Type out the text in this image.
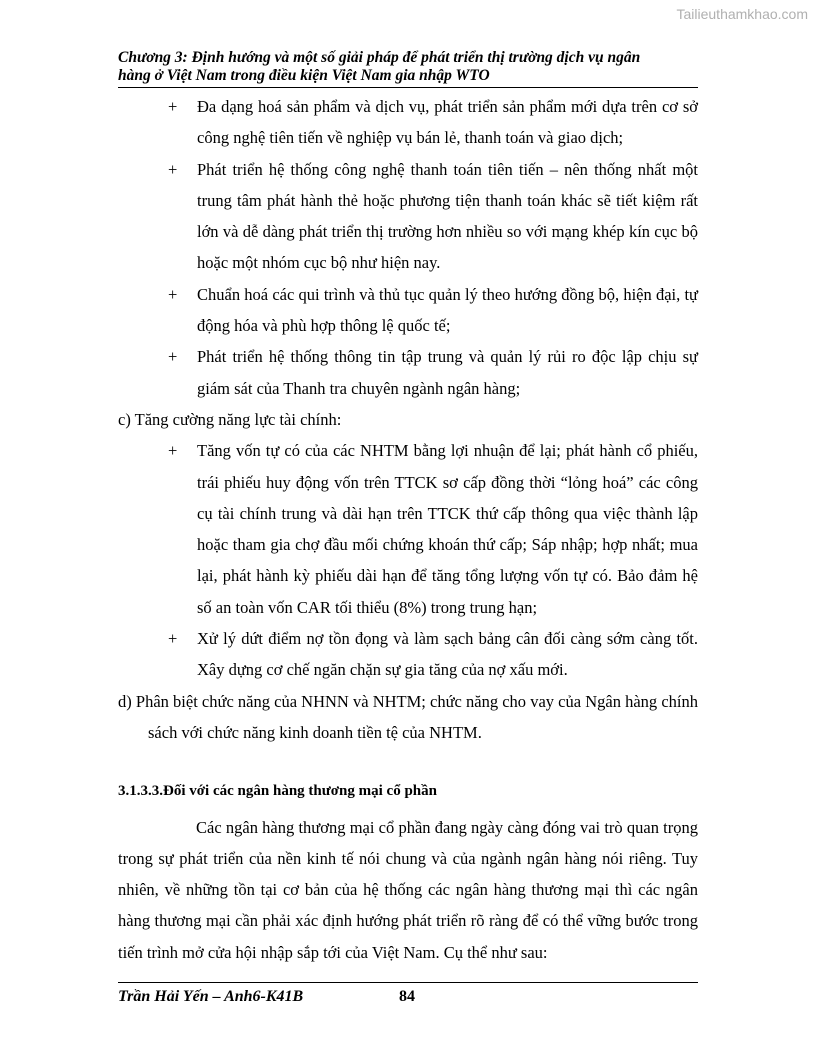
Tailieuthamkhao.com
Chương 3: Định hướng và một số giải pháp để phát triển thị trường dịch vụ ngân
hàng ở Việt Nam trong điều kiện Việt Nam gia nhập WTO
+ Đa dạng hoá sản phẩm và dịch vụ, phát triển sản phẩm mới dựa trên cơ sở công nghệ tiên tiến về nghiệp vụ bán lẻ, thanh toán và giao dịch;
+ Phát triển hệ thống công nghệ thanh toán tiên tiến – nên thống nhất một trung tâm phát hành thẻ hoặc phương tiện thanh toán khác sẽ tiết kiệm rất lớn và dễ dàng phát triển thị trường hơn nhiều so với mạng khép kín cục bộ hoặc một nhóm cục bộ như hiện nay.
+ Chuẩn hoá các qui trình và thủ tục quản lý theo hướng đồng bộ, hiện đại, tự động hóa và phù hợp thông lệ quốc tế;
+ Phát triển hệ thống thông tin tập trung và quản lý rủi ro độc lập chịu sự giám sát của Thanh tra chuyên ngành ngân hàng;
c) Tăng cường năng lực tài chính:
+ Tăng vốn tự có của các NHTM bằng lợi nhuận để lại; phát hành cổ phiếu, trái phiếu huy động vốn trên TTCK sơ cấp đồng thời “lỏng hoá” các công cụ tài chính trung và dài hạn trên TTCK thứ cấp thông qua việc thành lập hoặc tham gia chợ đầu mối chứng khoán thứ cấp; Sáp nhập; hợp nhất; mua lại, phát hành kỳ phiếu dài hạn để tăng tổng lượng vốn tự có. Bảo đảm hệ số an toàn vốn CAR tối thiểu (8%) trong trung hạn;
+ Xử lý dứt điểm nợ tồn đọng và làm sạch bảng cân đối càng sớm càng tốt. Xây dựng cơ chế ngăn chặn sự gia tăng của nợ xấu mới.
d) Phân biệt chức năng của NHNN và NHTM; chức năng cho vay của Ngân hàng chính sách với chức năng kinh doanh tiền tệ của NHTM.
3.1.3.3.Đối với các ngân hàng thương mại cổ phần
Các ngân hàng thương mại cổ phần đang ngày càng đóng vai trò quan trọng trong sự phát triển của nền kinh tế nói chung và của ngành ngân hàng nói riêng. Tuy nhiên, về những tồn tại cơ bản của hệ thống các ngân hàng thương mại thì các ngân hàng thương mại cần phải xác định hướng phát triển rõ ràng để có thể vững bước trong tiến trình mở cửa hội nhập sắp tới của Việt Nam. Cụ thể như sau:
Trần Hải Yến – Anh6-K41B	84
